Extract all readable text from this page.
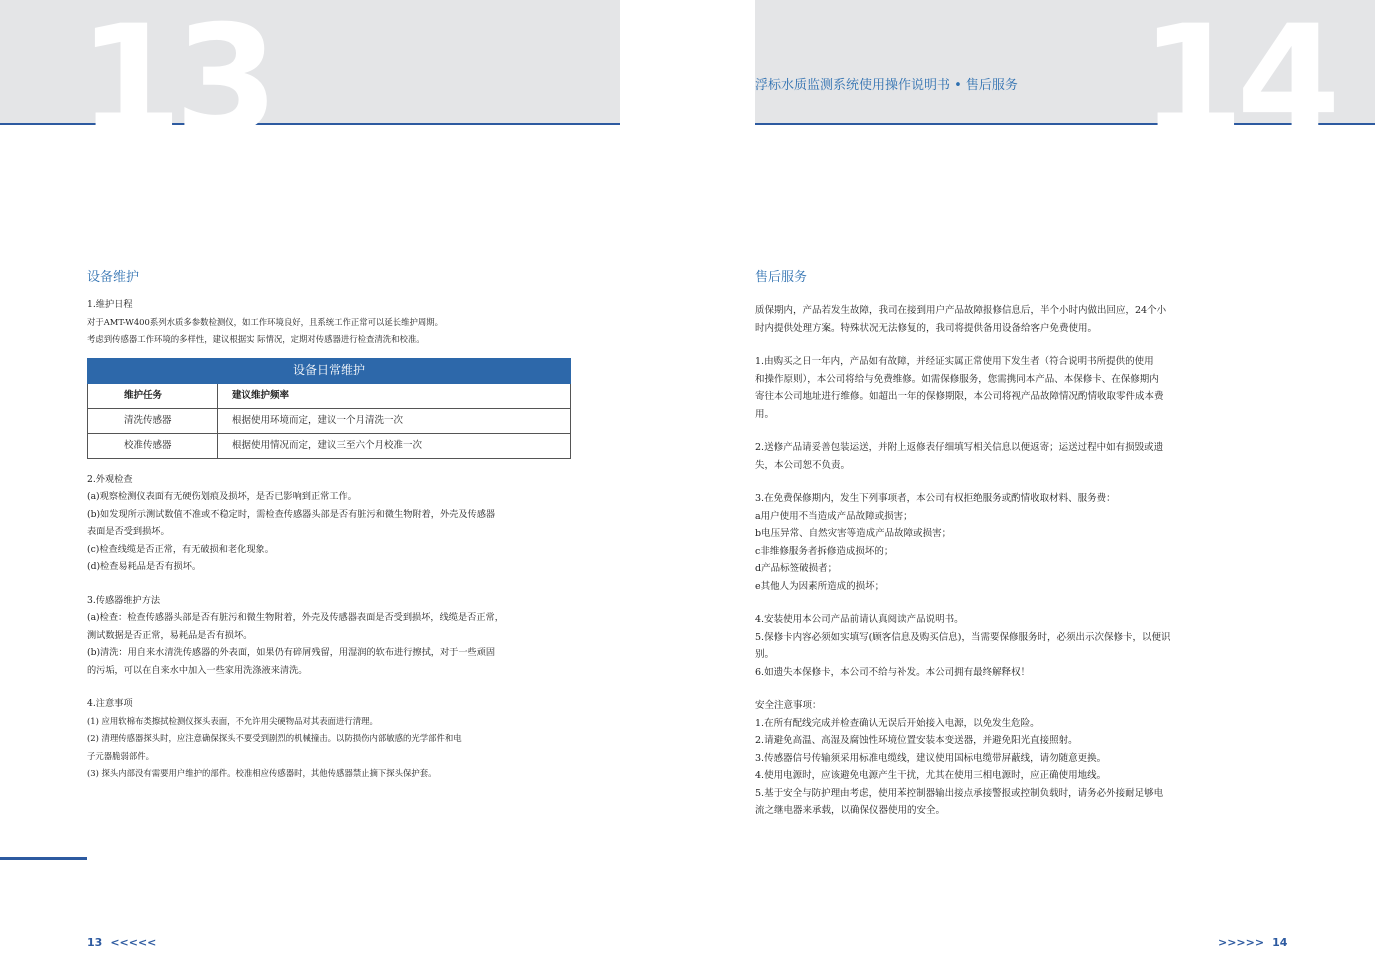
13	14
浮标水质监测系统使用操作说明书 • 售后服务
设备维护

1.维护日程

对于AMT-W400系列水质多参数检测仪，如工作环境良好，且系统工作正常可以延长维护周期。

考虑到传感器工作环境的多样性，建议根据实 际情况，定期对传感器进行检查清洗和校准。

设备日常维护	
维护任务	建议维护频率
清洗传感器	根据使用环境而定，建议一个月清洗一次
校准传感器	根据使用情况而定，建议三至六个月校准一次

2.外观检查

(a)观察检测仪表面有无硬伤划痕及损坏，是否已影响到正常工作。

(b)如发现所示测试数值不准或不稳定时，需检查传感器头部是否有脏污和微生物附着，外壳及传感器

表面是否受到损坏。

(c)检查线缆是否正常，有无破损和老化现象。

(d)检查易耗品是否有损坏。

3.传感器维护方法

(a)检查：检查传感器头部是否有脏污和微生物附着，外壳及传感器表面是否受到损坏，线缆是否正常，

测试数据是否正常，易耗品是否有损坏。

(b)清洗：用自来水清洗传感器的外表面，如果仍有碎屑残留，用湿润的软布进行擦拭，对于一些顽固

的污垢，可以在自来水中加入一些家用洗涤液来清洗。

4.注意事项

(1) 应用软棉布类擦拭检测仪探头表面，不允许用尖硬物品对其表面进行清理。

(2) 清理传感器探头时，应注意确保探头不要受到剧烈的机械撞击。以防损伤内部敏感的光学部件和电

子元器脆弱部件。

(3) 探头内部没有需要用户维护的部件。校准相应传感器时，其他传感器禁止摘下探头保护套。

13 <<<<<
售后服务

质保期内，产品若发生故障，我司在接到用户产品故障报修信息后，半个小时内做出回应，24个小

时内提供处理方案。特殊状况无法修复的，我司将提供备用设备给客户免费使用。

1.由购买之日一年内，产品如有故障，并经证实属正常使用下发生者（符合说明书所提供的使用

和操作原则），本公司将给与免费维修。如需保修服务，您需携同本产品、本保修卡、在保修期内

寄往本公司地址进行维修。如超出一年的保修期限，本公司将视产品故障情况酌情收取零件成本费

用。

2.送修产品请妥善包装运送，并附上返修表仔细填写相关信息以便返寄；运送过程中如有损毁或遗

失，本公司恕不负责。

3.在免费保修期内，发生下列事项者，本公司有权拒绝服务或酌情收取材料、服务费：

a用户使用不当造成产品故障或损害；

b电压异常、自然灾害等造成产品故障或损害；

c非维修服务者拆修造成损坏的；

d产品标签破损者；

e其他人为因素所造成的损坏；

4.安装使用本公司产品前请认真阅读产品说明书。

5.保修卡内容必须如实填写(顾客信息及购买信息)，当需要保修服务时，必须出示次保修卡，以便识

别。

6.如遗失本保修卡，本公司不给与补发。本公司拥有最终解释权！

安全注意事项：

1.在所有配线完成并检查确认无误后开始接入电源，以免发生危险。

2.请避免高温、高湿及腐蚀性环境位置安装本变送器，并避免阳光直接照射。

3.传感器信号传输须采用标准电缆线，建议使用国标电缆带屏蔽线，请勿随意更换。

4.使用电源时，应该避免电源产生干扰，尤其在使用三相电源时，应正确使用地线。

5.基于安全与防护理由考虑，使用苯控制器输出接点承接警报或控制负载时，请务必外接耐足够电

流之继电器来承载，以确保仪器使用的安全。

>>>>> 14
